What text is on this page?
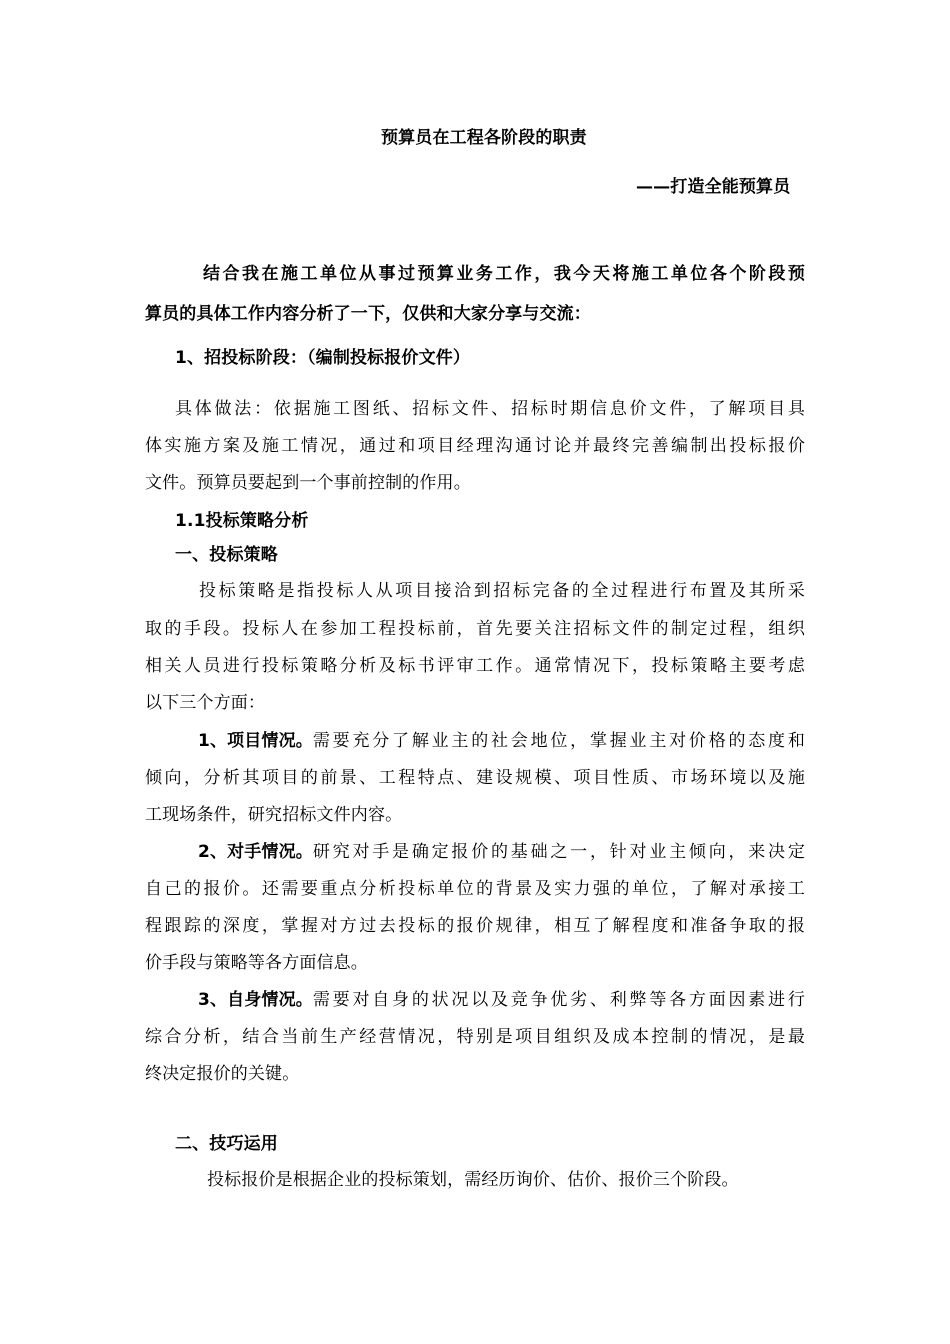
预算员在工程各阶段的职责
——打造全能预算员
结合我在施工单位从事过预算业务工作，我今天将施工单位各个阶段预
算员的具体工作内容分析了一下，仅供和大家分享与交流：
1、招投标阶段：（编制投标报价文件）
具体做法：依据施工图纸、招标文件、招标时期信息价文件，了解项目具
体实施方案及施工情况，通过和项目经理沟通讨论并最终完善编制出投标报价
文件。预算员要起到一个事前控制的作用。
1.1投标策略分析
一、投标策略
投标策略是指投标人从项目接洽到招标完备的全过程进行布置及其所采
取的手段。投标人在参加工程投标前，首先要关注招标文件的制定过程，组织
相关人员进行投标策略分析及标书评审工作。通常情况下，投标策略主要考虑
以下三个方面：
1、项目情况。 需要充分了解业主的社会地位，掌握业主对价格的态度和
倾向，分析其项目的前景、工程特点、建设规模、项目性质、市场环境以及施
工现场条件，研究招标文件内容。
2、对手情况。 研究对手是确定报价的基础之一，针对业主倾向，来决定
自己的报价。还需要重点分析投标单位的背景及实力强的单位，了解对承接工
程跟踪的深度，掌握对方过去投标的报价规律，相互了解程度和准备争取的报
价手段与策略等各方面信息。
3、自身情况。 需要对自身的状况以及竞争优劣、利弊等各方面因素进行
综合分析，结合当前生产经营情况，特别是项目组织及成本控制的情况，是最
终决定报价的关键。
二、技巧运用
投标报价是根据企业的投标策划，需经历询价、估价、报价三个阶段。
